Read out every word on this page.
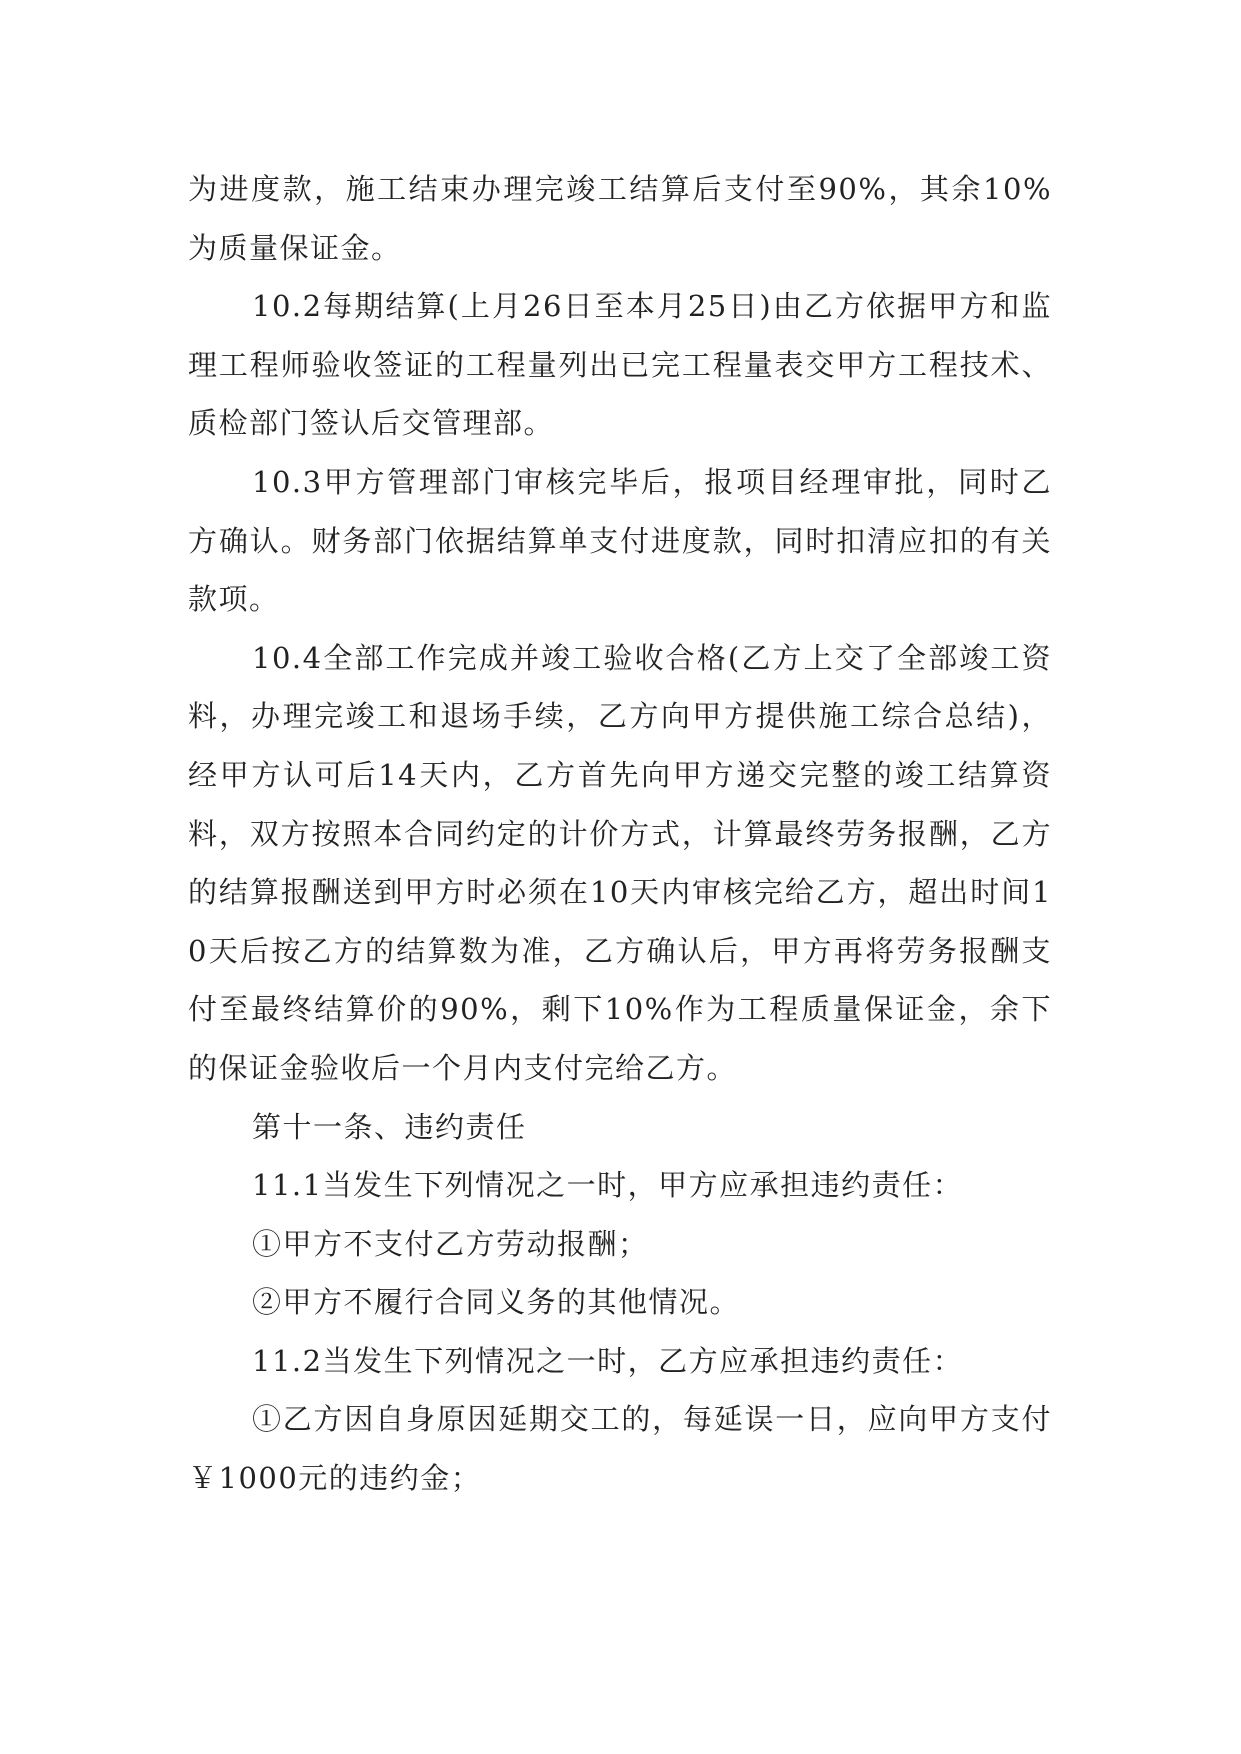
为进度款，施工结束办理完竣工结算后支付至90%，其余10%为质量保证金。

10.2每期结算(上月26日至本月25日)由乙方依据甲方和监理工程师验收签证的工程量列出已完工程量表交甲方工程技术、质检部门签认后交管理部。

10.3甲方管理部门审核完毕后，报项目经理审批，同时乙方确认。财务部门依据结算单支付进度款，同时扣清应扣的有关款项。

10.4全部工作完成并竣工验收合格(乙方上交了全部竣工资料，办理完竣工和退场手续，乙方向甲方提供施工综合总结)，经甲方认可后14天内，乙方首先向甲方递交完整的竣工结算资料，双方按照本合同约定的计价方式，计算最终劳务报酬，乙方的结算报酬送到甲方时必须在10天内审核完给乙方，超出时间10天后按乙方的结算数为准，乙方确认后，甲方再将劳务报酬支付至最终结算价的90%，剩下10%作为工程质量保证金，余下的保证金验收后一个月内支付完给乙方。

第十一条、违约责任

11.1当发生下列情况之一时，甲方应承担违约责任：

①甲方不支付乙方劳动报酬；

②甲方不履行合同义务的其他情况。

11.2当发生下列情况之一时，乙方应承担违约责任：

①乙方因自身原因延期交工的，每延误一日，应向甲方支付￥1000元的违约金；
